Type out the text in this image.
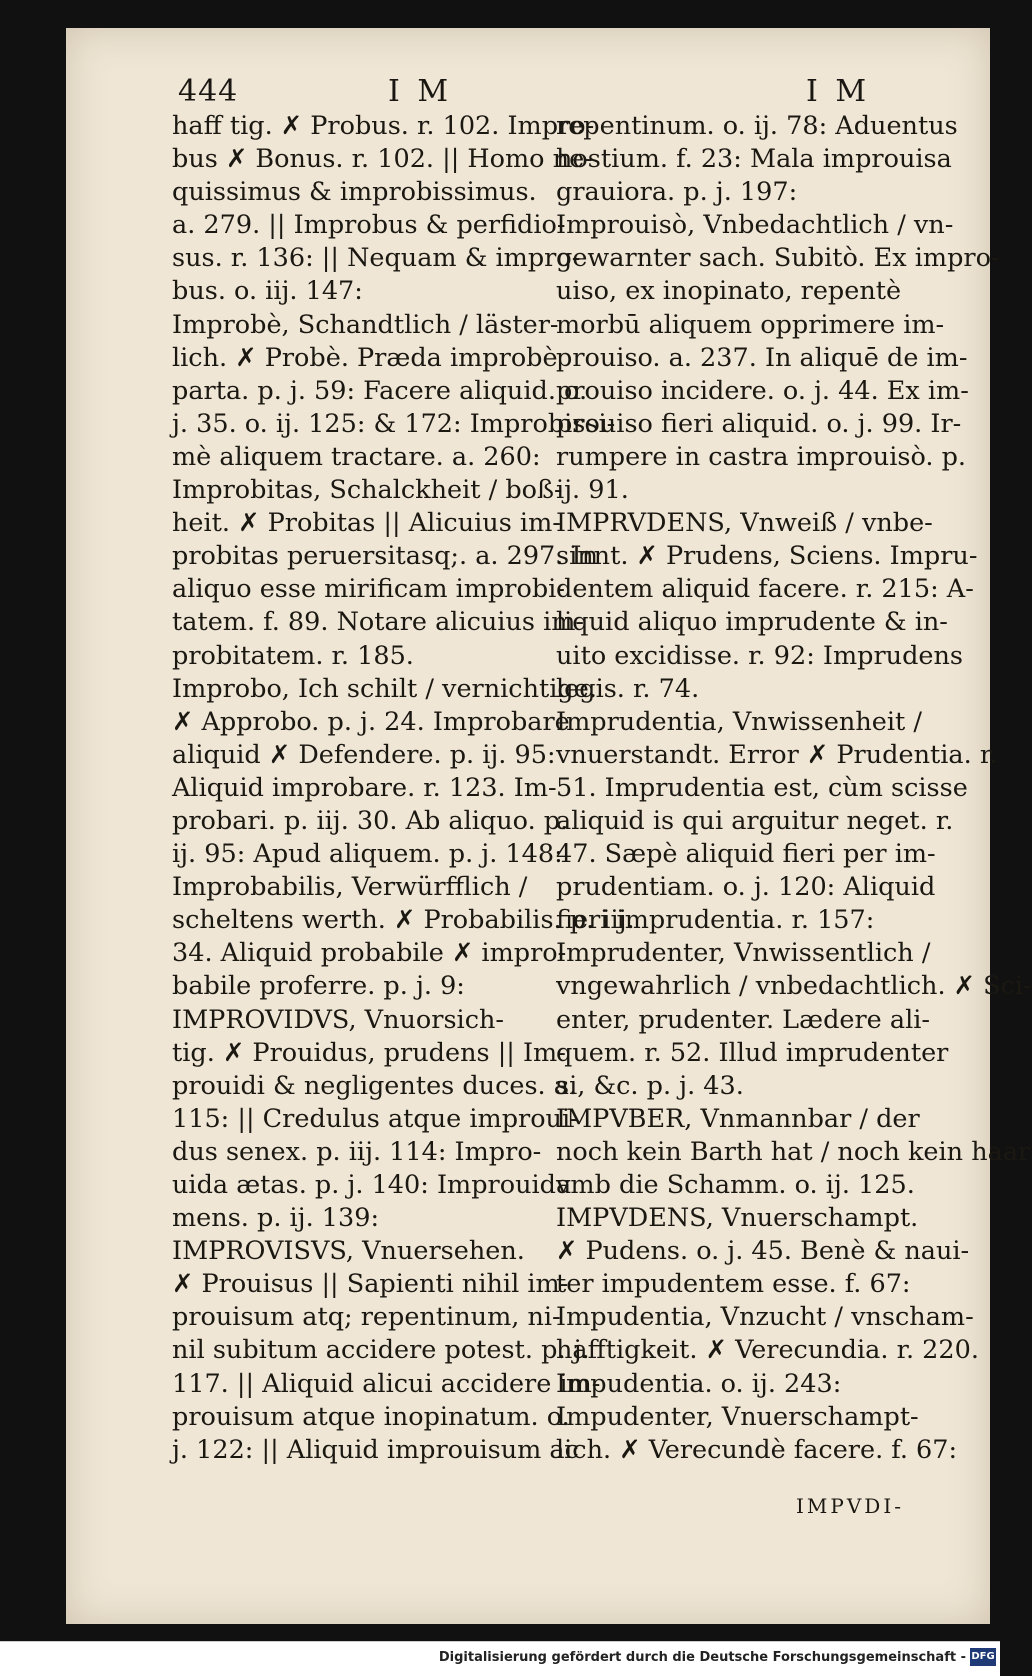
444	I M	I M
haff tig. ✗ Probus. r. 102. Impro-
bus ✗ Bonus. r. 102. || Homo ne-
quissimus & improbissimus.
a. 279. || Improbus & perfidio-
sus. r. 136: || Nequam & impro-
bus. o. iij. 147:
Improbè, Schandtlich / läster-
lich. ✗ Probè. Præda improbè
parta. p. j. 59: Facere aliquid. o.
j. 35. o. ij. 125: & 172: Improbissi-
mè aliquem tractare. a. 260:
Improbitas, Schalckheit / boß-
heit. ✗ Probitas || Alicuius im-
probitas peruersitasq;. a. 297. In
aliquo esse mirificam improbi-
tatem. f. 89. Notare alicuius im-
probitatem. r. 185.
Improbo, Ich schilt / vernichtige.
✗ Approbo. p. j. 24. Improbare
aliquid ✗ Defendere. p. ij. 95:
Aliquid improbare. r. 123. Im-
probari. p. iij. 30. Ab aliquo. p.
ij. 95: Apud aliquem. p. j. 148:
Improbabilis, Verwürfflich /
scheltens werth. ✗ Probabilis. p. iij.
34. Aliquid probabile ✗ impro-
babile proferre. p. j. 9:
IMPROVIDVS, Vnuorsich-
tig. ✗ Prouidus, prudens || Im-
prouidi & negligentes duces. a.
115: || Credulus atque improui-
dus senex. p. iij. 114: Impro-
uida ætas. p. j. 140: Improuida
mens. p. ij. 139:
IMPROVISVS, Vnuersehen.
✗ Prouisus || Sapienti nihil im-
prouisum atq; repentinum, ni-
nil subitum accidere potest. p. j.
117. || Aliquid alicui accidere im-
prouisum atque inopinatum. o.
j. 122: || Aliquid improuisum ac
repentinum. o. ij. 78: Aduentus
hostium. f. 23: Mala improuisa
grauiora. p. j. 197:
Improuisò, Vnbedachtlich / vn-
gewarnter sach. Subitò. Ex impro-
uiso, ex inopinato, repentè
morbū aliquem opprimere im-
prouiso. a. 237. In aliquē de im-
prouiso incidere. o. j. 44. Ex im-
prouiso fieri aliquid. o. j. 99. Ir-
rumpere in castra improuisò. p.
ij. 91.
IMPRVDENS, Vnweiß / vnbe-
sinnt. ✗ Prudens, Sciens. Impru-
dentem aliquid facere. r. 215: A-
liquid aliquo imprudente & in-
uito excidisse. r. 92: Imprudens
legis. r. 74.
Imprudentia, Vnwissenheit /
vnuerstandt. Error ✗ Prudentia. r.
51. Imprudentia est, cùm scisse
aliquid is qui arguitur neget. r.
47. Sæpè aliquid fieri per im-
prudentiam. o. j. 120: Aliquid
fieri imprudentia. r. 157:
Imprudenter, Vnwissentlich /
vngewahrlich / vnbedachtlich. ✗ Sci-
enter, prudenter. Lædere ali-
quem. r. 52. Illud imprudenter
si, &c. p. j. 43.
IMPVBER, Vnmannbar / der
noch kein Barth hat / noch kein haar
vmb die Schamm. o. ij. 125.
IMPVDENS, Vnuerschampt.
✗ Pudens. o. j. 45. Benè & naui-
ter impudentem esse. f. 67:
Impudentia, Vnzucht / vnscham-
hafftigkeit. ✗ Verecundia. r. 220.
Impudentia. o. ij. 243:
Impudenter, Vnuerschampt-
lich. ✗ Verecundè facere. f. 67:
IMPVDI-
Digitalisierung gefördert durch die Deutsche Forschungsgemeinschaft - DFG
